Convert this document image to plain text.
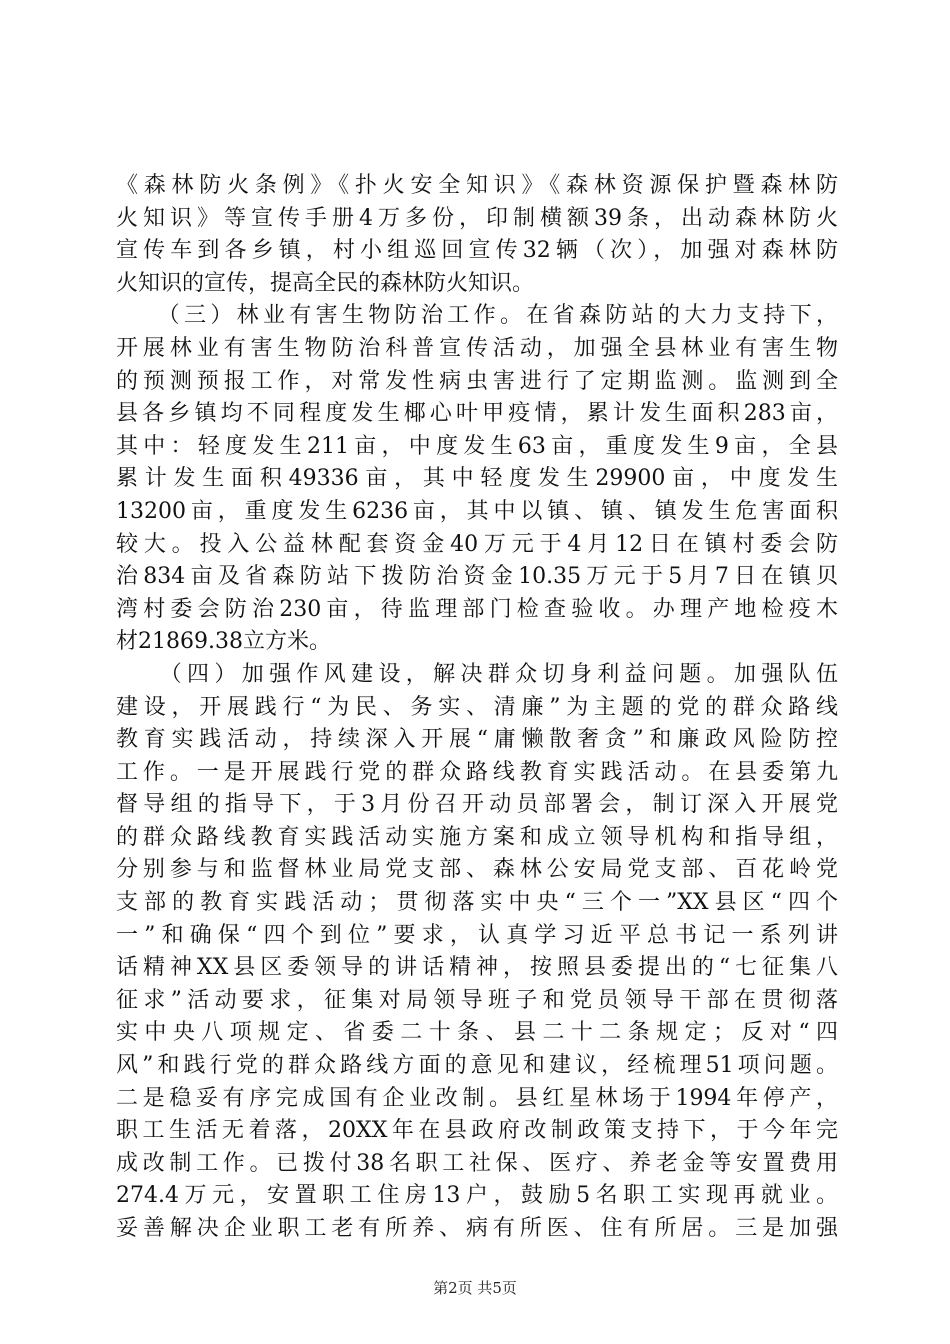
《森林防火条例》《扑火安全知识》《森林资源保护暨森林防
火知识》等宣传手册4万多份，印制横额39条，出动森林防火
宣传车到各乡镇，村小组巡回宣传32辆（次），加强对森林防
火知识的宣传，提高全民的森林防火知识。
　　（三）林业有害生物防治工作。在省森防站的大力支持下，
开展林业有害生物防治科普宣传活动，加强全县林业有害生物
的预测预报工作，对常发性病虫害进行了定期监测。监测到全
县各乡镇均不同程度发生椰心叶甲疫情，累计发生面积283亩，
其中：轻度发生211亩，中度发生63亩，重度发生9亩，全县
累计发生面积49336亩，其中轻度发生29900亩，中度发生
13200亩，重度发生6236亩，其中以镇、镇、镇发生危害面积
较大。投入公益林配套资金40万元于4月12日在镇村委会防
治834亩及省森防站下拨防治资金10.35万元于5月7日在镇贝
湾村委会防治230亩，待监理部门检查验收。办理产地检疫木
材21869.38立方米。
　　（四）加强作风建设，解决群众切身利益问题。加强队伍
建设，开展践行“为民、务实、清廉”为主题的党的群众路线
教育实践活动，持续深入开展“庸懒散奢贪”和廉政风险防控
工作。一是开展践行党的群众路线教育实践活动。在县委第九
督导组的指导下，于3月份召开动员部署会，制订深入开展党
的群众路线教育实践活动实施方案和成立领导机构和指导组，
分别参与和监督林业局党支部、森林公安局党支部、百花岭党
支部的教育实践活动；贯彻落实中央“三个一”XX县区“四个
一”和确保“四个到位”要求，认真学习近平总书记一系列讲
话精神XX县区委领导的讲话精神，按照县委提出的“七征集八
征求”活动要求，征集对局领导班子和党员领导干部在贯彻落
实中央八项规定、省委二十条、县二十二条规定；反对“四
风”和践行党的群众路线方面的意见和建议，经梳理51项问题。
二是稳妥有序完成国有企业改制。县红星林场于1994年停产，
职工生活无着落，20XX年在县政府改制政策支持下，于今年完
成改制工作。已拨付38名职工社保、医疗、养老金等安置费用
274.4万元，安置职工住房13户，鼓励5名职工实现再就业。
妥善解决企业职工老有所养、病有所医、住有所居。三是加强
第2页 共5页
